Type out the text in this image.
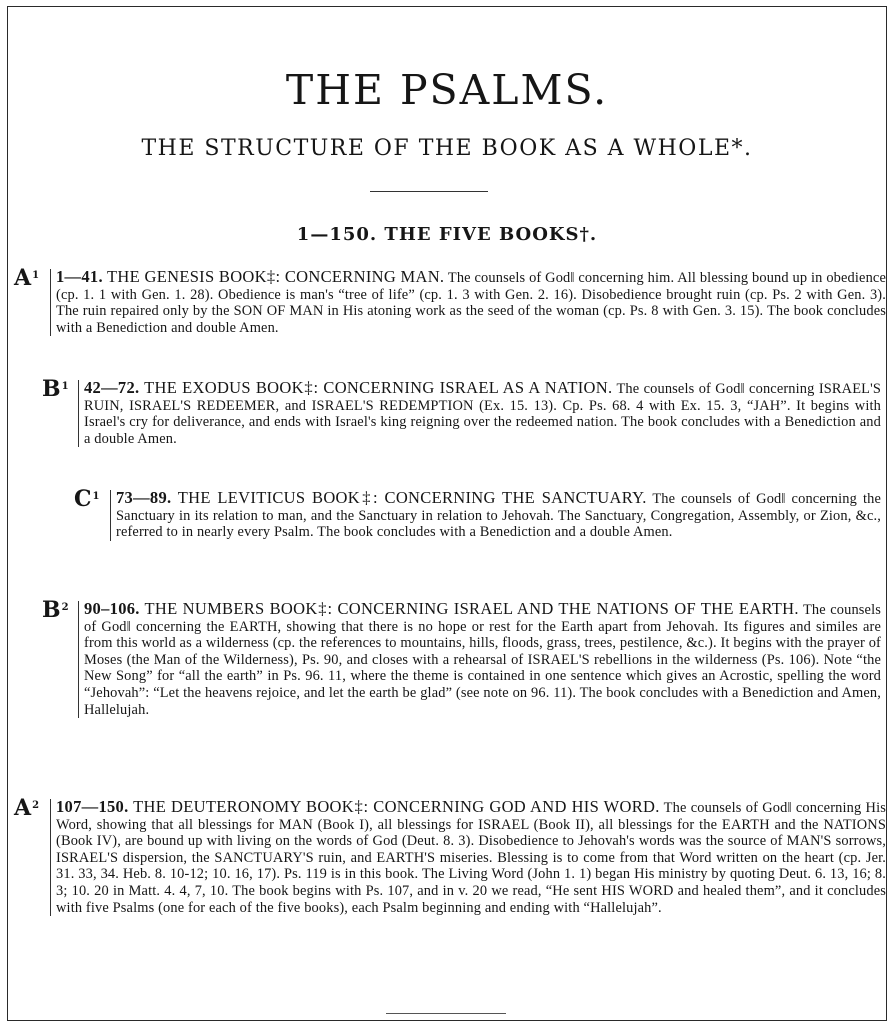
THE PSALMS.
THE STRUCTURE OF THE BOOK AS A WHOLE*.
1—150. THE FIVE BOOKS†.
$A^1$	1—41. THE GENESIS BOOK‡: CONCERNING MAN. The counsels of God‖ concerning him. All blessing bound up in obedience (cp. 1. 1 with Gen. 1. 28). Obedience is man's “tree of life” (cp. 1. 3 with Gen. 2. 16). Disobedience brought ruin (cp. Ps. 2 with Gen. 3). The ruin repaired only by the SON OF MAN in His atoning work as the seed of the woman (cp. Ps. 8 with Gen. 3. 15). The book concludes with a Benediction and double Amen.
$B^1$ 42—72. THE EXODUS BOOK‡: CONCERNING ISRAEL AS A NATION. The counsels of God‖ concerning ISRAEL'S RUIN, ISRAEL'S REDEEMER, and ISRAEL'S REDEMPTION (Ex. 15. 13). Cp. Ps. 68. 4 with Ex. 15. 3, “JAH”. It begins with Israel's cry for deliverance, and ends with Israel's king reigning over the redeemed nation. The book concludes with a Benediction and a double Amen.
$C^1$	73—89. THE LEVITICUS BOOK‡: CONCERNING THE SANCTUARY. The counsels of God‖ concerning the Sanctuary in its relation to man, and the Sanctuary in relation to Jehovah. The Sanctuary, Congregation, Assembly, or Zion, &c., referred to in nearly every Psalm. The book concludes with a Benediction and a double Amen.
$B^2$ 90–106. THE NUMBERS BOOK‡: CONCERNING ISRAEL AND THE NATIONS OF THE EARTH. The counsels of God‖ concerning the EARTH, showing that there is no hope or rest for the Earth apart from Jehovah. Its figures and similes are from this world as a wilderness (cp. the references to mountains, hills, floods, grass, trees, pestilence, &c.). It begins with the prayer of Moses (the Man of the Wilderness), Ps. 90, and closes with a rehearsal of ISRAEL'S rebellions in the wilderness (Ps. 106). Note “the New Song” for “all the earth” in Ps. 96. 11, where the theme is contained in one sentence which gives an Acrostic, spelling the word “Jehovah”: “Let the heavens rejoice, and let the earth be glad” (see note on 96. 11). The book concludes with a Benediction and Amen, Hallelujah.
$A^2$	107—150. THE DEUTERONOMY BOOK‡: CONCERNING GOD AND HIS WORD. The counsels of God‖ concerning His Word, showing that all blessings for MAN (Book I), all blessings for ISRAEL (Book II), all blessings for the EARTH and the NATIONS (Book IV), are bound up with living on the words of God (Deut. 8. 3). Disobedience to Jehovah's words was the source of MAN'S sorrows, ISRAEL'S dispersion, the SANCTUARY'S ruin, and EARTH'S miseries. Blessing is to come from that Word written on the heart (cp. Jer. 31. 33, 34. Heb. 8. 10-12; 10. 16, 17). Ps. 119 is in this book. The Living Word (John 1. 1) began His ministry by quoting Deut. 6. 13, 16; 8. 3; 10. 20 in Matt. 4. 4, 7, 10. The book begins with Ps. 107, and in v. 20 we read, “He sent HIS WORD and healed them”, and it concludes with five Psalms (one for each of the five books), each Psalm beginning and ending with “Hallelujah”.
